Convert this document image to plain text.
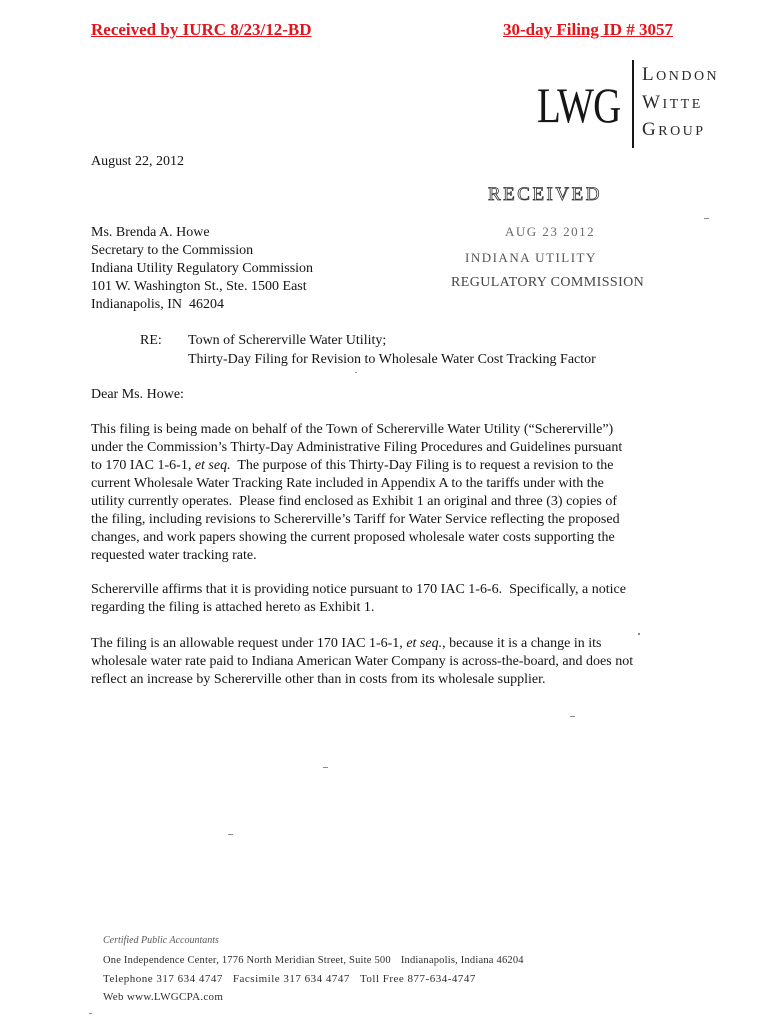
Received by IURC 8/23/12-BD	30-day Filing ID # 3057
LWG
LONDON
WITTE
GROUP
August 22, 2012
RECEIVED
AUG 23 2012
INDIANA UTILITY
REGULATORY COMMISSION
Ms. Brenda A. Howe
Secretary to the Commission
Indiana Utility Regulatory Commission
101 W. Washington St., Ste. 1500 East
Indianapolis, IN  46204
RE: Town of Schererville Water Utility;
Thirty-Day Filing for Revision to Wholesale Water Cost Tracking Factor
Dear Ms. Howe:
This filing is being made on behalf of the Town of Schererville Water Utility (“Schererville”)
under the Commission’s Thirty-Day Administrative Filing Procedures and Guidelines pursuant
to 170 IAC 1-6-1, et seq.  The purpose of this Thirty-Day Filing is to request a revision to the
current Wholesale Water Tracking Rate included in Appendix A to the tariffs under with the
utility currently operates.  Please find enclosed as Exhibit 1 an original and three (3) copies of
the filing, including revisions to Schererville’s Tariff for Water Service reflecting the proposed
changes, and work papers showing the current proposed wholesale water costs supporting the
requested water tracking rate.
Schererville affirms that it is providing notice pursuant to 170 IAC 1-6-6.  Specifically, a notice
regarding the filing is attached hereto as Exhibit 1.
The filing is an allowable request under 170 IAC 1-6-1, et seq., because it is a change in its
wholesale water rate paid to Indiana American Water Company is across-the-board, and does not
reflect an increase by Schererville other than in costs from its wholesale supplier.
Certified Public Accountants
One Independence Center, 1776 North Meridian Street, Suite 500 Indianapolis, Indiana 46204
Telephone 317 634 4747 Facsimile 317 634 4747 Toll Free 877-634-4747
Web www.LWGCPA.com
